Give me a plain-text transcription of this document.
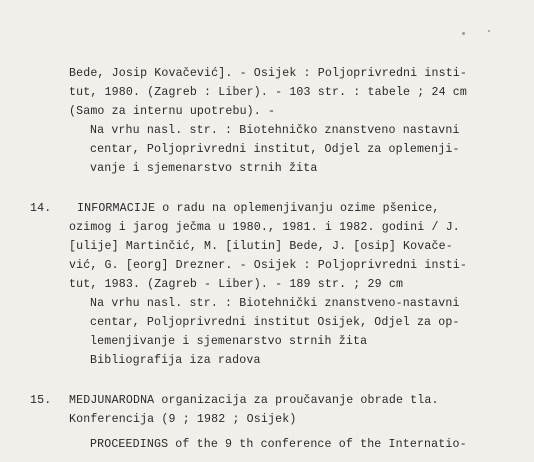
Bede, Josip Kovačević]. - Osijek : Poljoprivredni insti-
tut, 1980. (Zagreb : Liber). - 103 str. : tabele ; 24 cm
(Samo za internu upotrebu). -
Na vrhu nasl. str. : Biotehničko znanstveno nastavni
centar, Poljoprivredni institut, Odjel za oplemenji-
vanje i sjemenarstvo strnih žita
14. INFORMACIJE o radu na oplemenjivanju ozime pšenice,
ozimog i jarog ječma u 1980., 1981. i 1982. godini / J.
[ulije] Martinčić, M. [ilutin] Bede, J. [osip] Kovače-
vić, G. [eorg] Drezner. - Osijek : Poljoprivredni insti-
tut, 1983. (Zagreb - Liber). - 189 str. ; 29 cm
Na vrhu nasl. str. : Biotehnički znanstveno-nastavni
centar, Poljoprivredni institut Osijek, Odjel za op-
lemenjivanje i sjemenarstvo strnih žita
Bibliografija iza radova
15. MEDJUNARODNA organizacija za proučavanje obrade tla.
Konferencija (9 ; 1982 ; Osijek)
PROCEEDINGS of the 9 th conference of the Internatio-
